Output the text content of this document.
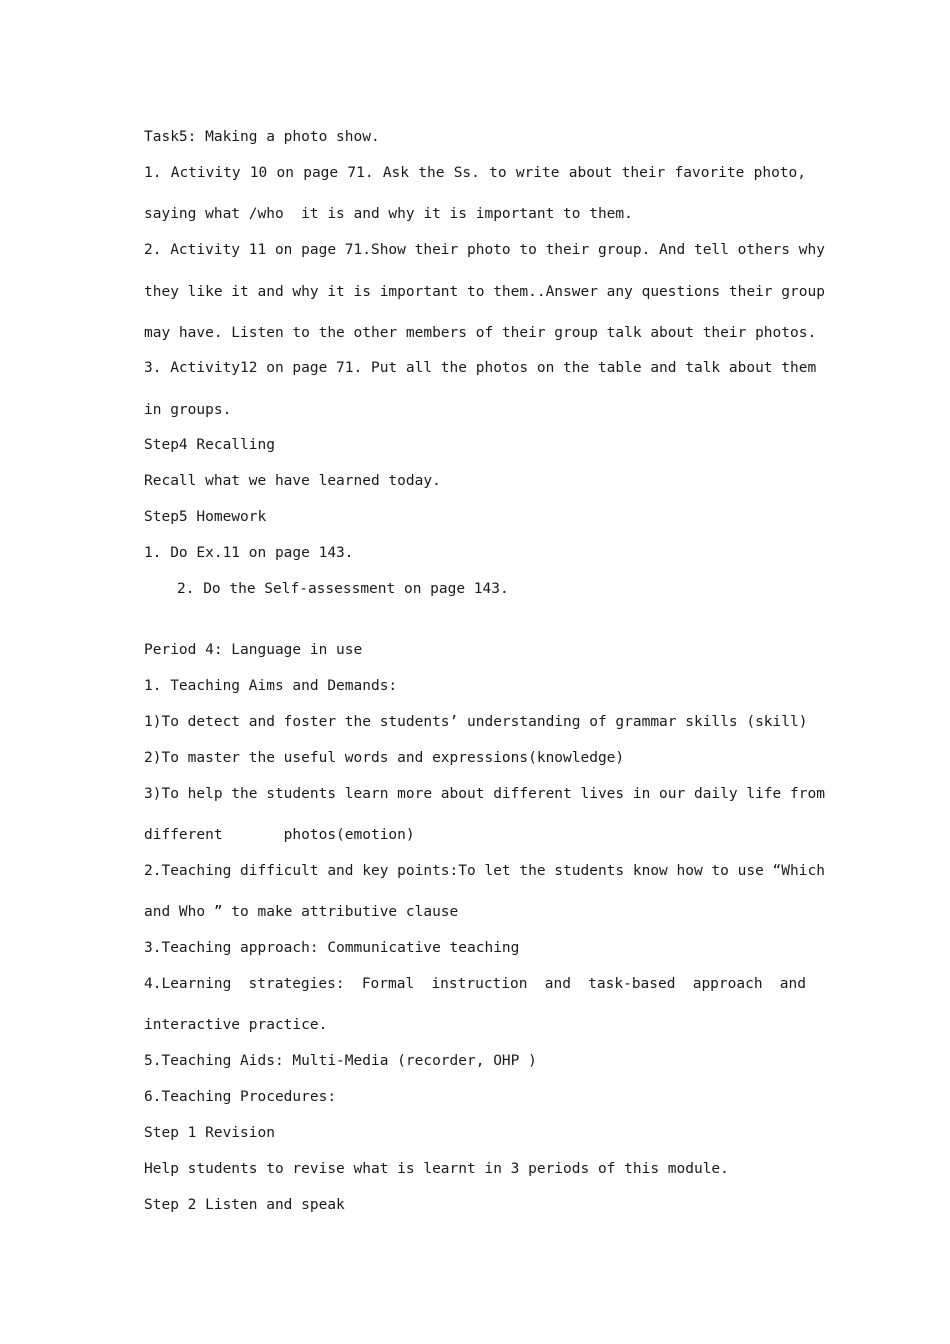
Task5: Making a photo show.
1. Activity 10 on page 71. Ask the Ss. to write about their favorite photo,
saying what /who  it is and why it is important to them.
2. Activity 11 on page 71.Show their photo to their group. And tell others why
they like it and why it is important to them..Answer any questions their group
may have. Listen to the other members of their group talk about their photos.
3. Activity12 on page 71. Put all the photos on the table and talk about them
in groups.
Step4 Recalling
Recall what we have learned today.
Step5 Homework
1. Do Ex.11 on page 143.
2. Do the Self-assessment on page 143.
Period 4: Language in use
1. Teaching Aims and Demands:
1)To detect and foster the students’ understanding of grammar skills (skill)
2)To master the useful words and expressions(knowledge)
3)To help the students learn more about different lives in our daily life from
different       photos(emotion)
2.Teaching difficult and key points:To let the students know how to use “Which
and Who ” to make attributive clause
3.Teaching approach: Communicative teaching
4.Learning strategies: Formal instruction and task-based approach and
interactive practice.
5.Teaching Aids: Multi-Media (recorder, OHP )
6.Teaching Procedures:
Step 1 Revision
Help students to revise what is learnt in 3 periods of this module.
Step 2 Listen and speak
